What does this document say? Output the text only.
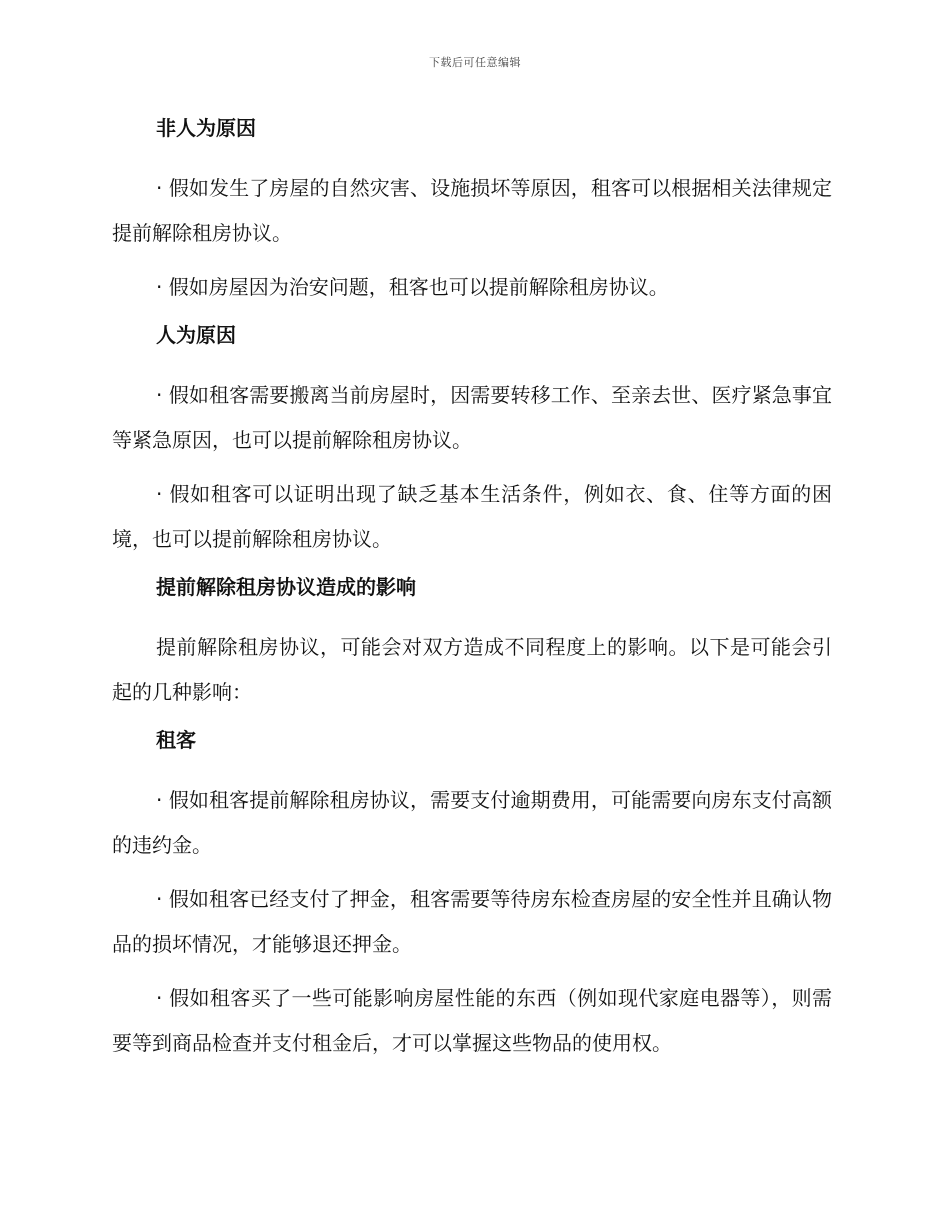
下载后可任意编辑
非人为原因

· 假如发生了房屋的自然灾害、设施损坏等原因，租客可以根据相关法律规定提前解除租房协议。

· 假如房屋因为治安问题，租客也可以提前解除租房协议。

人为原因

· 假如租客需要搬离当前房屋时，因需要转移工作、至亲去世、医疗紧急事宜等紧急原因，也可以提前解除租房协议。

· 假如租客可以证明出现了缺乏基本生活条件，例如衣、食、住等方面的困境，也可以提前解除租房协议。

提前解除租房协议造成的影响

提前解除租房协议，可能会对双方造成不同程度上的影响。以下是可能会引起的几种影响：

租客

· 假如租客提前解除租房协议，需要支付逾期费用，可能需要向房东支付高额的违约金。

· 假如租客已经支付了押金，租客需要等待房东检查房屋的安全性并且确认物品的损坏情况，才能够退还押金。

· 假如租客买了一些可能影响房屋性能的东西（例如现代家庭电器等），则需要等到商品检查并支付租金后，才可以掌握这些物品的使用权。
